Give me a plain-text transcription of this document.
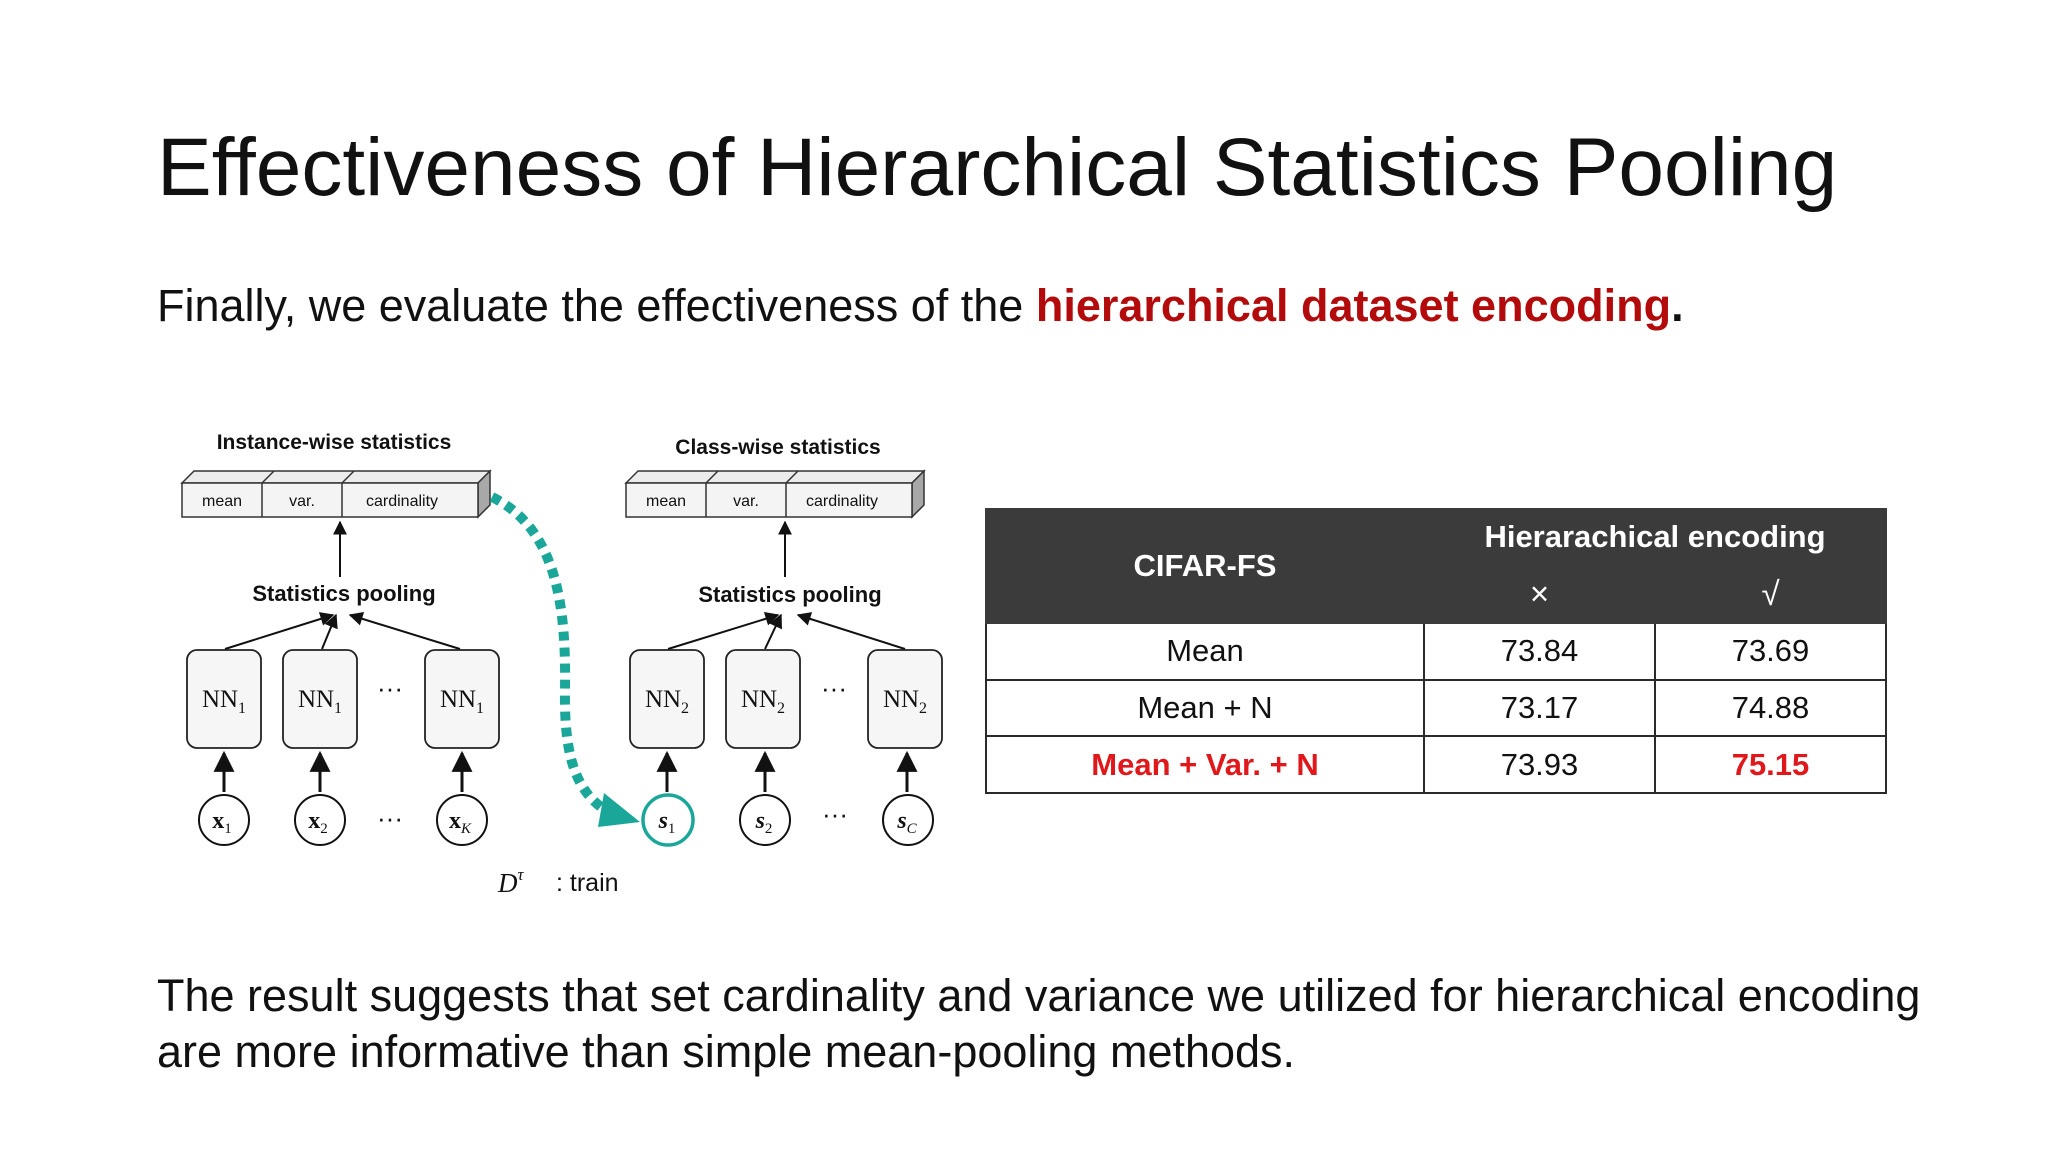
Effectiveness of Hierarchical Statistics Pooling
Finally, we evaluate the effectiveness of the hierarchical dataset encoding.
Instance-wise statistics
mean	var.	cardinality
Statistics pooling
$NN_1$ $NN_1$
··· $NN_1$
$x_1$	$x_2$ ··· $x_K$
Class-wise statistics
mean	var.	cardinality
Statistics pooling
$NN_2$ $NN_2$
··· $NN_2$
$s_1$	$s_2$ ··· $s_C$
$D^\tau$ : train
CIFAR-FS	Hierarachical encoding	
	×	√
Mean	73.84	73.69
Mean + N	73.17	74.88
Mean + Var. + N	73.93	75.15
The result suggests that set cardinality and variance we utilized for hierarchical encoding are more informative than simple mean-pooling methods.
